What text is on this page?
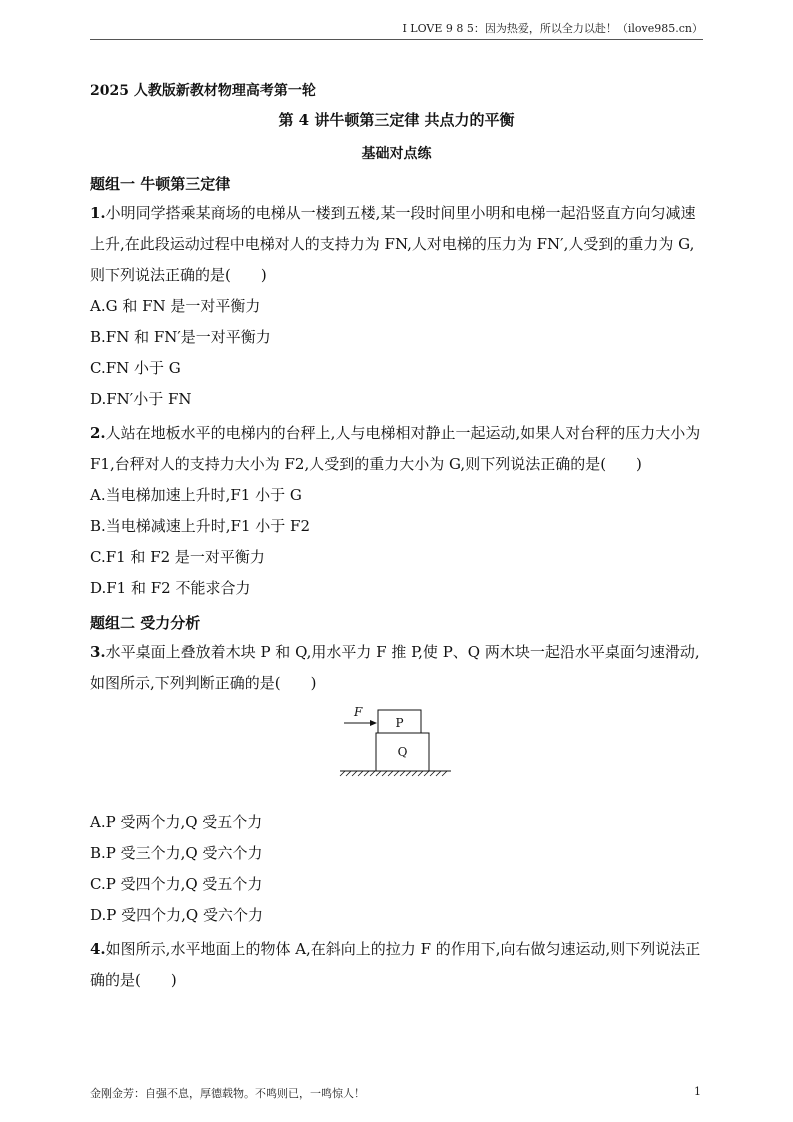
I LOVE 9 8 5：因为热爱，所以全力以赴！（ilove985.cn）

2025 人教版新教材物理高考第一轮

第 4 讲牛顿第三定律 共点力的平衡

基础对点练

题组一 牛顿第三定律

1.小明同学搭乘某商场的电梯从一楼到五楼,某一段时间里小明和电梯一起沿竖直方向匀减速上升,在此段运动过程中电梯对人的支持力为 FN,人对电梯的压力为 FN′,人受到的重力为 G,则下列说法正确的是(　　)

A.G 和 FN 是一对平衡力

B.FN 和 FN′是一对平衡力

C.FN 小于 G

D.FN′小于 FN

2.人站在地板水平的电梯内的台秤上,人与电梯相对静止一起运动,如果人对台秤的压力大小为 F1,台秤对人的支持力大小为 F2,人受到的重力大小为 G,则下列说法正确的是(　　)

A.当电梯加速上升时,F1 小于 G

B.当电梯减速上升时,F1 小于 F2

C.F1 和 F2 是一对平衡力

D.F1 和 F2 不能求合力

题组二 受力分析

3.水平桌面上叠放着木块 P 和 Q,用水平力 F 推 P,使 P、Q 两木块一起沿水平桌面匀速滑动,如图所示,下列判断正确的是(　　)

F
P
Q

A.P 受两个力,Q 受五个力

B.P 受三个力,Q 受六个力

C.P 受四个力,Q 受五个力

D.P 受四个力,Q 受六个力

4.如图所示,水平地面上的物体 A,在斜向上的拉力 F 的作用下,向右做匀速运动,则下列说法正确的是(　　)

金刚金芳：自强不息，厚德载物。不鸣则已，一鸣惊人！	1
